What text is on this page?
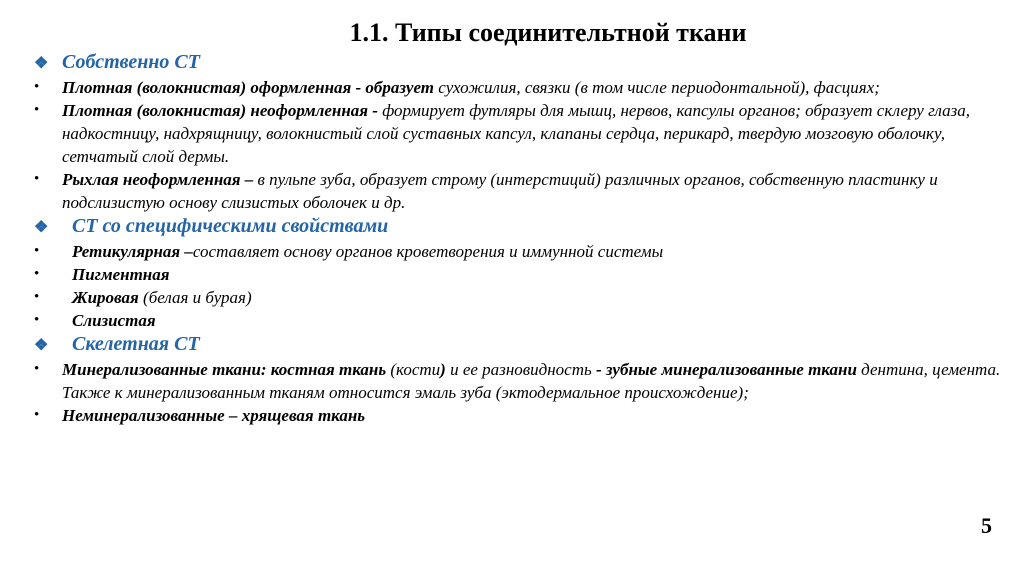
1.1. Типы соединительтной ткани
❖ Собственно СТ
•	Плотная (волокнистая) оформленная - образует сухожилия, связки (в том числе периодонтальной), фасциях;
•	Плотная (волокнистая) неоформленная - формирует футляры для мышц, нервов, капсулы органов; образует склеру глаза, надкостницу, надхрящницу, волокнистый слой суставных капсул, клапаны сердца, перикард, твердую мозговую оболочку, сетчатый слой дермы.
•	Рыхлая неоформленная – в пульпе зуба, образует строму (интерстиций) различных органов, собственную пластинку и подслизистую основу слизистых оболочек и др.
❖	СТ со специфическими свойствами
•	Ретикулярная –составляет основу органов кроветворения и иммунной системы
•	Пигментная
•	Жировая (белая и бурая)
•	Слизистая
❖	Скелетная СТ
•	Минерализованные ткани: костная ткань (кости) и ее разновидность - зубные минерализованные ткани дентина, цемента. Также к минерализованным тканям относится эмаль зуба (эктодермальное происхождение);
•	Неминерализованные – хрящевая ткань
5
